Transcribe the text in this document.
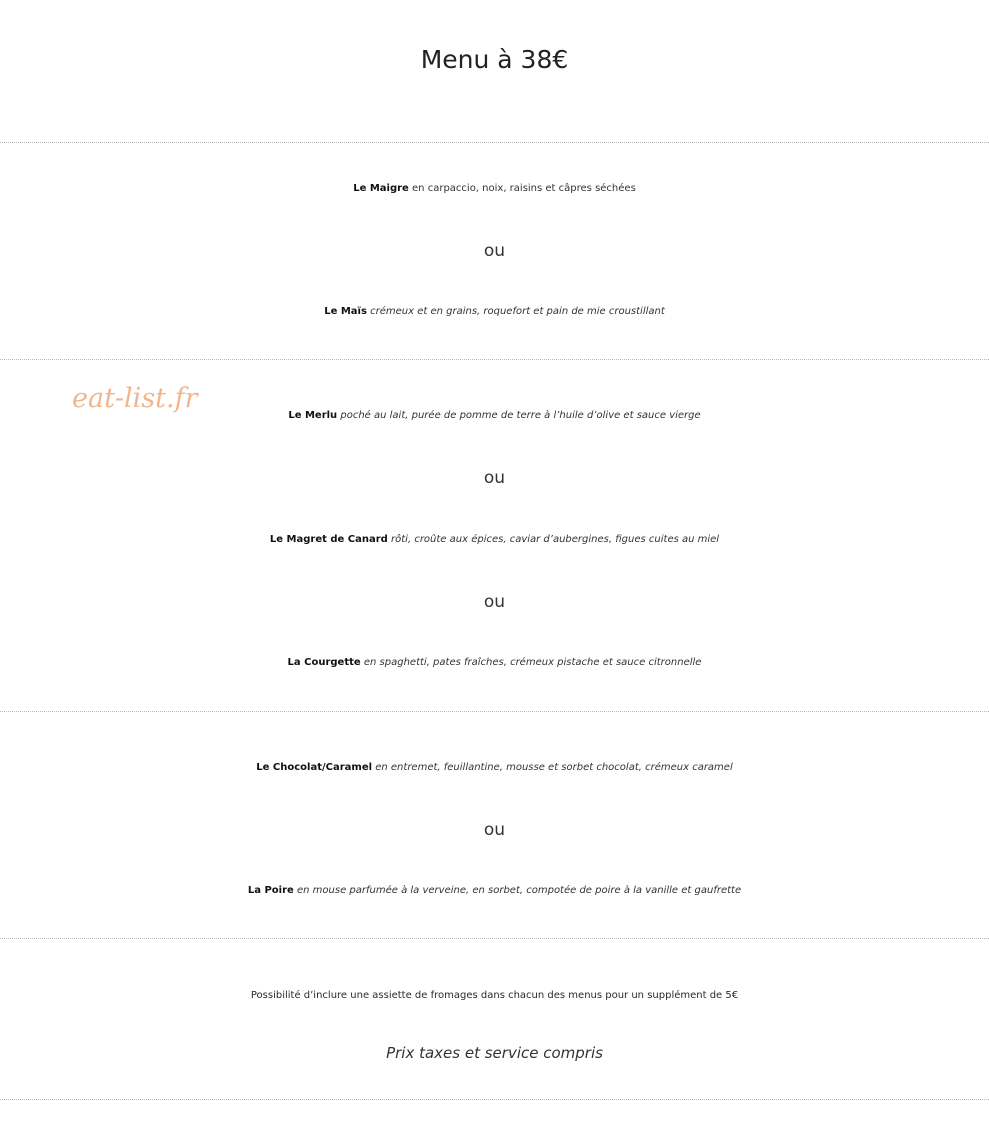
Menu à 38€
Le Maigre en carpaccio, noix, raisins et câpres séchées
ou
Le Maïs crémeux et en grains, roquefort et pain de mie croustillant
Le Merlu poché au lait, purée de pomme de terre à l’huile d’olive et sauce vierge
ou
Le Magret de Canard rôti, croûte aux épices, caviar d’aubergines, figues cuites au miel
ou
La Courgette en spaghetti, pates fraîches, crémeux pistache et sauce citronnelle
Le Chocolat/Caramel en entremet, feuillantine, mousse et sorbet chocolat, crémeux caramel
ou
La Poire en mouse parfumée à la verveine, en sorbet, compotée de poire à la vanille et gaufrette
Possibilité d’inclure une assiette de fromages dans chacun des menus pour un supplément de 5€
Prix taxes et service compris
eat-list.fr
